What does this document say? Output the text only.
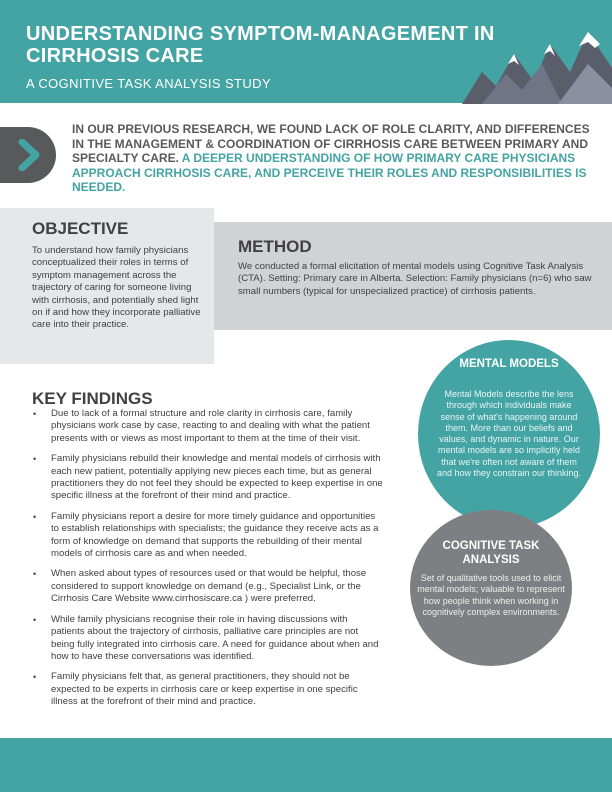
UNDERSTANDING SYMPTOM-MANAGEMENT IN CIRRHOSIS CARE
A COGNITIVE TASK ANALYSIS STUDY
IN OUR PREVIOUS RESEARCH, WE FOUND LACK OF ROLE CLARITY, AND DIFFERENCES IN THE MANAGEMENT & COORDINATION OF CIRRHOSIS CARE BETWEEN PRIMARY AND SPECIALTY CARE. A DEEPER UNDERSTANDING OF HOW PRIMARY CARE PHYSICIANS APPROACH CIRRHOSIS CARE, AND PERCEIVE THEIR ROLES AND RESPONSIBILITIES IS NEEDED.
OBJECTIVE

To understand how family physicians conceptualized their roles in terms of symptom management across the trajectory of caring for someone living with cirrhosis, and potentially shed light on if and how they incorporate palliative care into their practice.

METHOD

We conducted a formal elicitation of mental models using Cognitive Task Analysis (CTA). Setting: Primary care in Alberta. Selection: Family physicians (n=6) who saw small numbers (typical for unspecialized practice) of cirrhosis patients.

KEY FINDINGS
• Due to lack of a formal structure and role clarity in cirrhosis care, family physicians work case by case, reacting to and dealing with what the patient presents with or views as most important to them at the time of their visit.
• Family physicians rebuild their knowledge and mental models of cirrhosis with each new patient, potentially applying new pieces each time, but as general practitioners they do not feel they should be expected to keep expertise in one specific illness at the forefront of their mind and practice.
• Family physicians report a desire for more timely guidance and opportunities to establish relationships with specialists; the guidance they receive acts as a form of knowledge on demand that supports the rebuilding of their mental models of cirrhosis care as and when needed.
• When asked about types of resources used or that would be helpful, those considered to support knowledge on demand (e.g., Specialist Link, or the Cirrhosis Care Website www.cirrhosiscare.ca ) were preferred.
• While family physicians recognise their role in having discussions with patients about the trajectory of cirrhosis, palliative care principles are not being fully integrated into cirrhosis care. A need for guidance about when and how to have these conversations was identified.
• Family physicians felt that, as general practitioners, they should not be expected to be experts in cirrhosis care or keep expertise in one specific illness at the forefront of their mind and practice.
MENTAL MODELS

Mental Models describe the lens through which individuals make sense of what's happening around them. More than our beliefs and values, and dynamic in nature. Our mental models are so implicitly held that we're often not aware of them and how they constrain our thinking.

COGNITIVE TASK ANALYSIS

Set of qualitative tools used to elicit mental models; valuable to represent how people think when working in cognitively complex environments.
